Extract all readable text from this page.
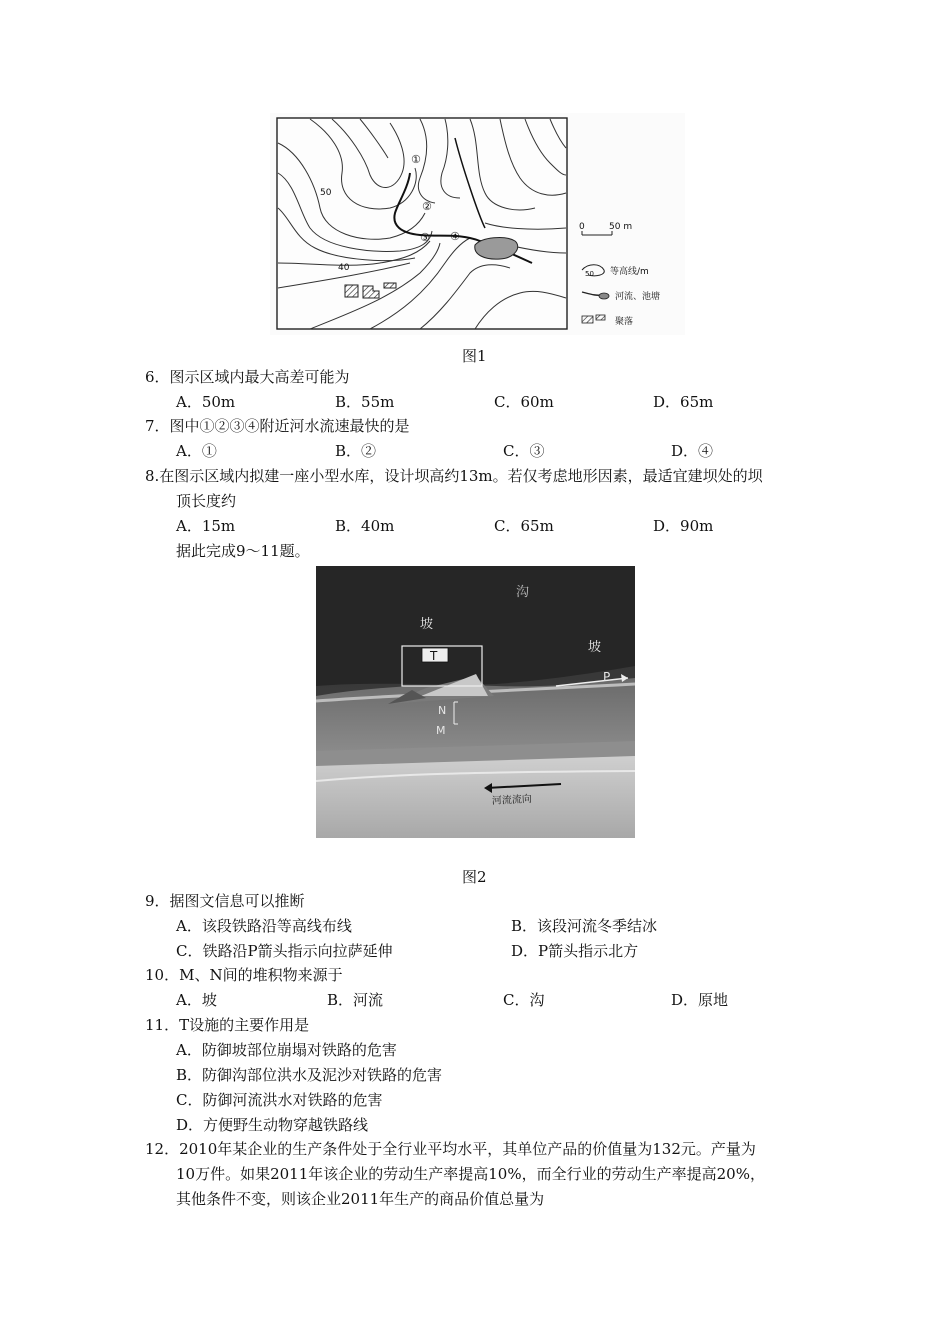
50
40
①
②
③ ④
0	50 m
50 等高线/m
河流、池塘
聚落
图1
6．图示区域内最大高差可能为
A．50m	B．55m	C．60m	D．65m
7．图中①②③④附近河水流速最快的是
A．①	B．②	C．③	D．④
8.在图示区域内拟建一座小型水库，设计坝高约13m。若仅考虑地形因素，最适宜建坝处的坝
顶长度约
A．15m	B．40m	C．65m	D．90m
据此完成9～11题。
坡
沟
坡
T
P
N
M
河流流向
图2
9．据图文信息可以推断
A．该段铁路沿等高线布线	B．该段河流冬季结冰
C．铁路沿P箭头指示向拉萨延伸	D．P箭头指示北方
10．M、N间的堆积物来源于
A．坡	B．河流	C．沟	D．原地
11．T设施的主要作用是
A．防御坡部位崩塌对铁路的危害
B．防御沟部位洪水及泥沙对铁路的危害
C．防御河流洪水对铁路的危害
D．方便野生动物穿越铁路线
12．2010年某企业的生产条件处于全行业平均水平，其单位产品的价值量为132元。产量为
10万件。如果2011年该企业的劳动生产率提高10%，而全行业的劳动生产率提高20%，
其他条件不变，则该企业2011年生产的商品价值总量为
